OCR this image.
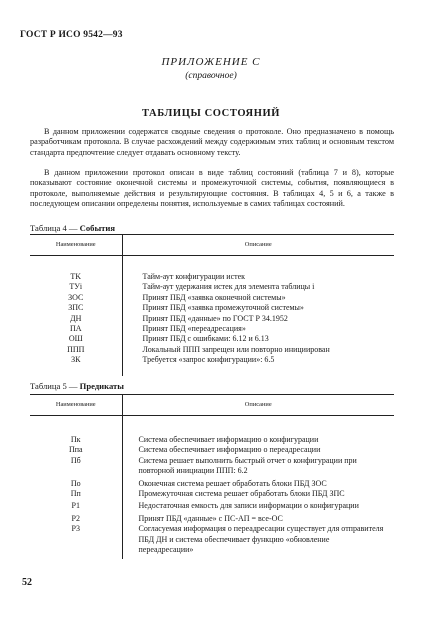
ГОСТ Р ИСО 9542—93
ПРИЛОЖЕНИЕ С
(справочное)
ТАБЛИЦЫ СОСТОЯНИЙ
В данном приложении содержатся сводные сведения о протоколе. Оно предназначено в помощь разработчикам протокола. В случае расхождений между содержимым этих таблиц и основным текстом стандарта предпочтение следует отдавать основному тексту.
В данном приложении протокол описан в виде таблиц состояний (таблица 7 и 8), которые показывают состояние оконечной системы и промежуточной системы, события, появляющиеся в протоколе, выполняемые действия и результирующие состояния. В таблицах 4, 5 и 6, а также в последующем описании определены понятия, используемые в самих таблицах состояний.
Таблица 4 — События
Наименование	Описание
TK	Тайм-аут конфигурации истек
TУi	Тайм-аут удержания истек для элемента таблицы i
ЗОС	Принят ПБД «заявка оконечной системы»
ЗПС	Принят ПБД «заявка промежуточной системы»
ДН	Принят ПБД «данные» по ГОСТ Р 34.1952
ПА	Принят ПБД «переадресация»
ОШ	Принят ПБД с ошибками: 6.12 и 6.13
ППП	Локальный ППП запрещен или повторно инициирован
ЗК	Требуется «запрос конфигурации»: 6.5
Таблица 5 — Предикаты
Наименование	Описание
Пк	Система обеспечивает информацию о конфигурации
Ппа	Система обеспечивает информацию о переадресации
Пб	Система решает выполнить быстрый отчет о конфигурации при повторной инициации ППП: 6.2
По	Оконечная система решает обработать блоки ПБД ЗОС
Пп	Промежуточная система решает обработать блоки ПБД ЗПС
P1	Недостаточная емкость для записи информации о конфигурации
P2	Принят ПБД «данные» с ПС-АП = все-ОС
P3	Согласуемая информация о переадресации существует для отправителя ПБД ДН и система обеспечивает функцию «обновление переадресации»
52
